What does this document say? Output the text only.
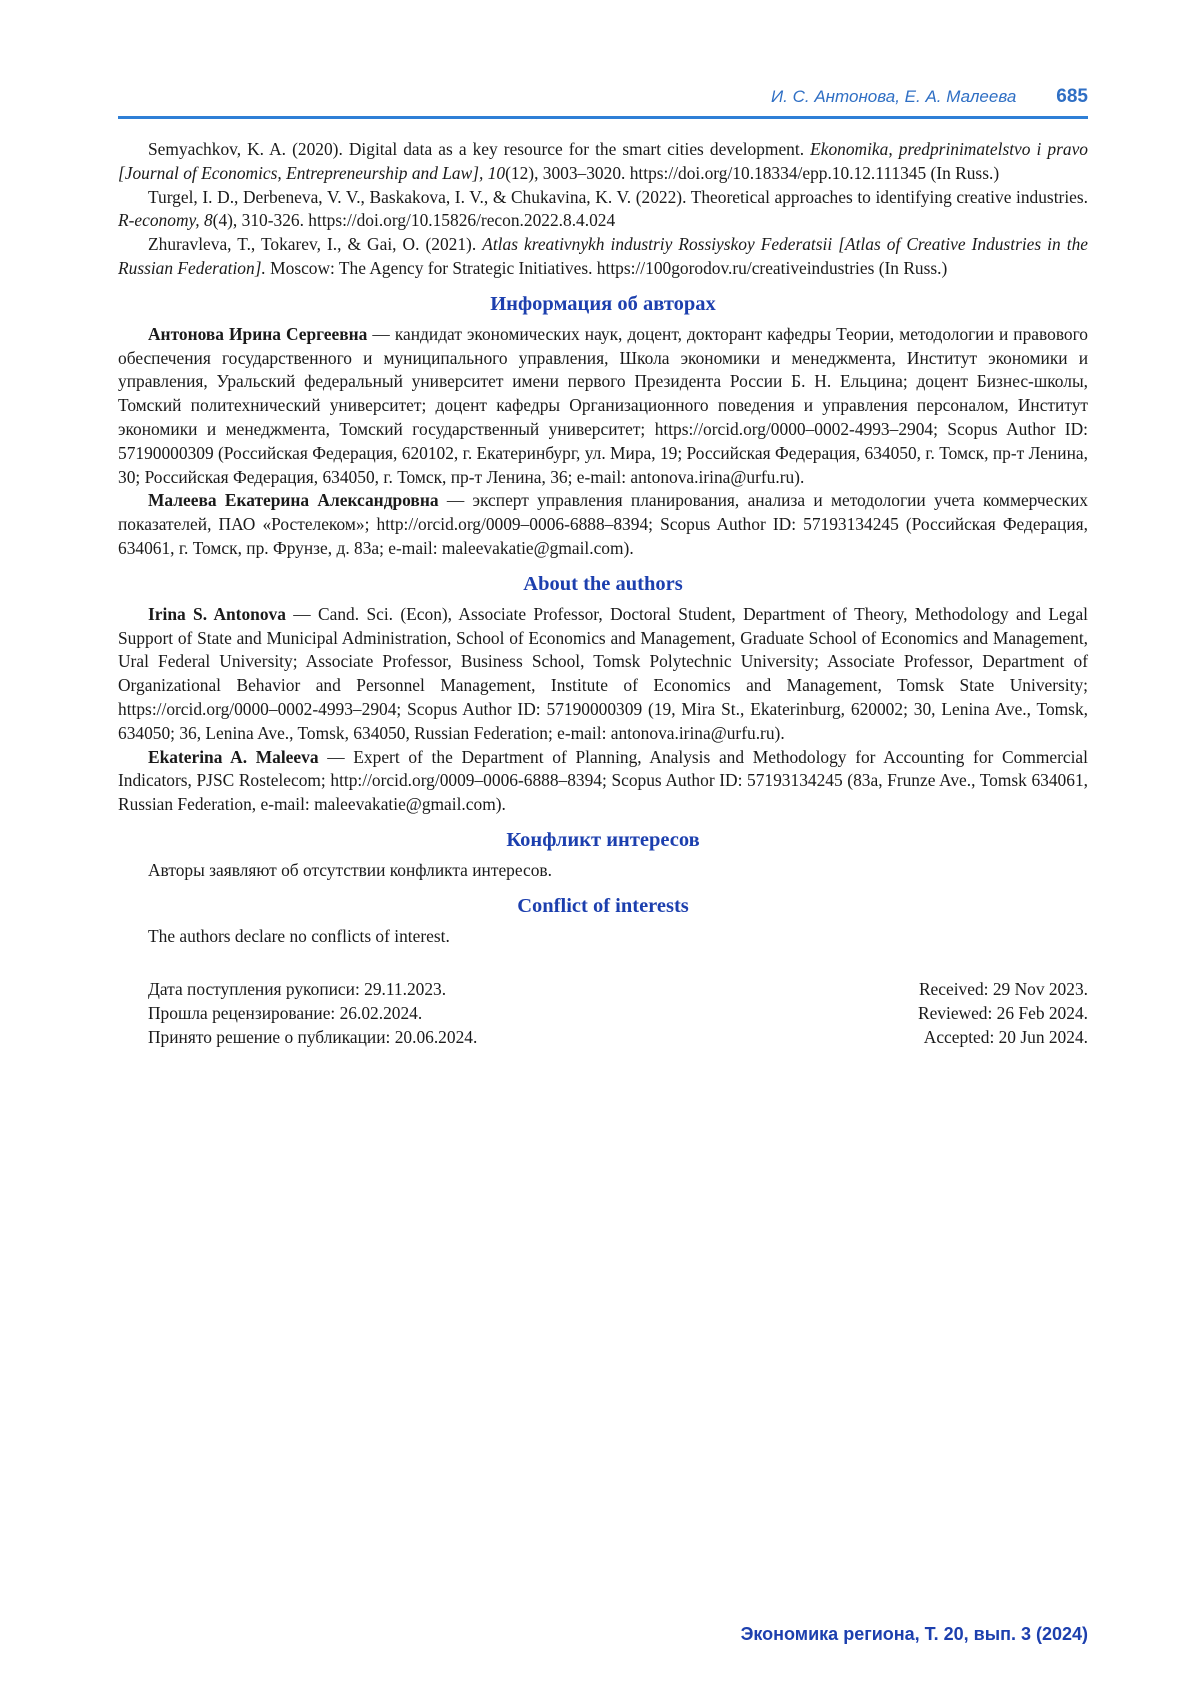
И. С. Антонова, Е. А. Малеева 685

Semyachkov, K. A. (2020). Digital data as a key resource for the smart cities development. Ekonomika, predprinimatelstvo i pravo [Journal of Economics, Entrepreneurship and Law], 10(12), 3003–3020. https://doi.org/10.18334/epp.10.12.111345 (In Russ.)

Turgel, I. D., Derbeneva, V. V., Baskakova, I. V., & Chukavina, K. V. (2022). Theoretical approaches to identifying creative industries. R-economy, 8(4), 310-326. https://doi.org/10.15826/recon.2022.8.4.024

Zhuravleva, T., Tokarev, I., & Gai, O. (2021). Atlas kreativnykh industriy Rossiyskoy Federatsii [Atlas of Creative Industries in the Russian Federation]. Moscow: The Agency for Strategic Initiatives. https://100gorodov.ru/creativeindustries (In Russ.)

Информация об авторах

Антонова Ирина Сергеевна — кандидат экономических наук, доцент, докторант кафедры Теории, методологии и правового обеспечения государственного и муниципального управления, Школа экономики и менеджмента, Институт экономики и управления, Уральский федеральный университет имени первого Президента России Б. Н. Ельцина; доцент Бизнес-школы, Томский политехнический университет; доцент кафедры Организационного поведения и управления персоналом, Институт экономики и менеджмента, Томский государственный университет; https://orcid.org/0000–0002-4993–2904; Scopus Author ID: 57190000309 (Российская Федерация, 620102, г. Екатеринбург, ул. Мира, 19; Российская Федерация, 634050, г. Томск, пр-т Ленина, 30; Российская Федерация, 634050, г. Томск, пр-т Ленина, 36; e-mail: antonova.irina@urfu.ru).

Малеева Екатерина Александровна — эксперт управления планирования, анализа и методологии учета коммерческих показателей, ПАО «Ростелеком»; http://orcid.org/0009–0006-6888–8394; Scopus Author ID: 57193134245 (Российская Федерация, 634061, г. Томск, пр. Фрунзе, д. 83а; e-mail: maleevakatie@gmail.com).

About the authors

Irina S. Antonova — Cand. Sci. (Econ), Associate Professor, Doctoral Student, Department of Theory, Methodology and Legal Support of State and Municipal Administration, School of Economics and Management, Graduate School of Economics and Management, Ural Federal University; Associate Professor, Business School, Tomsk Polytechnic University; Associate Professor, Department of Organizational Behavior and Personnel Management, Institute of Economics and Management, Tomsk State University; https://orcid.org/0000–0002-4993–2904; Scopus Author ID: 57190000309 (19, Mira St., Ekaterinburg, 620002; 30, Lenina Ave., Tomsk, 634050; 36, Lenina Ave., Tomsk, 634050, Russian Federation; e-mail: antonova.irina@urfu.ru).

Ekaterina A. Maleeva — Expert of the Department of Planning, Analysis and Methodology for Accounting for Commercial Indicators, PJSC Rostelecom; http://orcid.org/0009–0006-6888–8394; Scopus Author ID: 57193134245 (83a, Frunze Ave., Tomsk 634061, Russian Federation, e-mail: maleevakatie@gmail.com).

Конфликт интересов

Авторы заявляют об отсутствии конфликта интересов.

Conflict of interests

The authors declare no conflicts of interest.

Дата поступления рукописи: 29.11.2023.
Прошла рецензирование: 26.02.2024.
Принято решение о публикации: 20.06.2024.
Received: 29 Nov 2023.
Reviewed: 26 Feb 2024.
Accepted: 20 Jun 2024.
Экономика региона, Т. 20, вып. 3 (2024)
